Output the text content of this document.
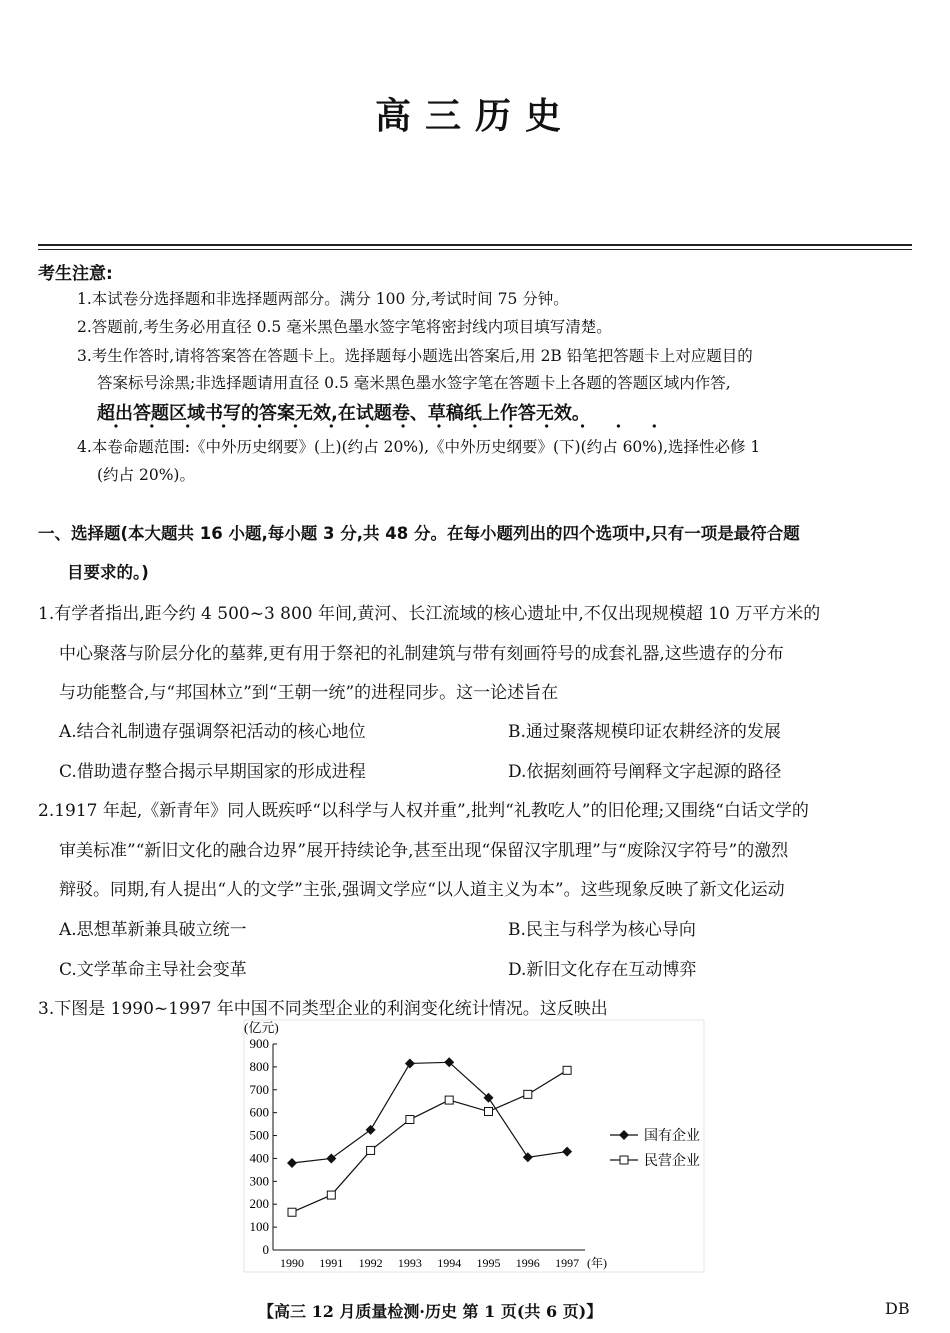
高三历史
考生注意:
1.本试卷分选择题和非选择题两部分。满分 100 分,考试时间 75 分钟。
2.答题前,考生务必用直径 0.5 毫米黑色墨水签字笔将密封线内项目填写清楚。
3.考生作答时,请将答案答在答题卡上。选择题每小题选出答案后,用 2B 铅笔把答题卡上对应题目的
答案标号涂黑;非选择题请用直径 0.5 毫米黑色墨水签字笔在答题卡上各题的答题区域内作答,
超出答题区域书写的答案无效,在试题卷、草稿纸上作答无效。
4.本卷命题范围:《中外历史纲要》(上)(约占 20%),《中外历史纲要》(下)(约占 60%),选择性必修 1
(约占 20%)。
一、选择题(本大题共 16 小题,每小题 3 分,共 48 分。在每小题列出的四个选项中,只有一项是最符合题
目要求的。)
1.有学者指出,距今约 4 500~3 800 年间,黄河、长江流域的核心遗址中,不仅出现规模超 10 万平方米的
中心聚落与阶层分化的墓葬,更有用于祭祀的礼制建筑与带有刻画符号的成套礼器,这些遗存的分布
与功能整合,与“邦国林立”到“王朝一统”的进程同步。这一论述旨在
A.结合礼制遗存强调祭祀活动的核心地位	B.通过聚落规模印证农耕经济的发展
C.借助遗存整合揭示早期国家的形成进程	D.依据刻画符号阐释文字起源的路径
2.1917 年起,《新青年》同人既疾呼“以科学与人权并重”,批判“礼教吃人”的旧伦理;又围绕“白话文学的
审美标准”“新旧文化的融合边界”展开持续论争,甚至出现“保留汉字肌理”与“废除汉字符号”的激烈
辩驳。同期,有人提出“人的文学”主张,强调文学应“以人道主义为本”。这些现象反映了新文化运动
A.思想革新兼具破立统一	B.民主与科学为核心导向
C.文学革命主导社会变革	D.新旧文化存在互动博弈
3.下图是 1990~1997 年中国不同类型企业的利润变化统计情况。这反映出
(亿元)
0
100
200
300
400
500
600
700
800
900
1990 1991 1992 1993 1994 1995 1996 1997 (年)
国有企业
民营企业
【高三 12 月质量检测·历史 第 1 页(共 6 页)】	DB
